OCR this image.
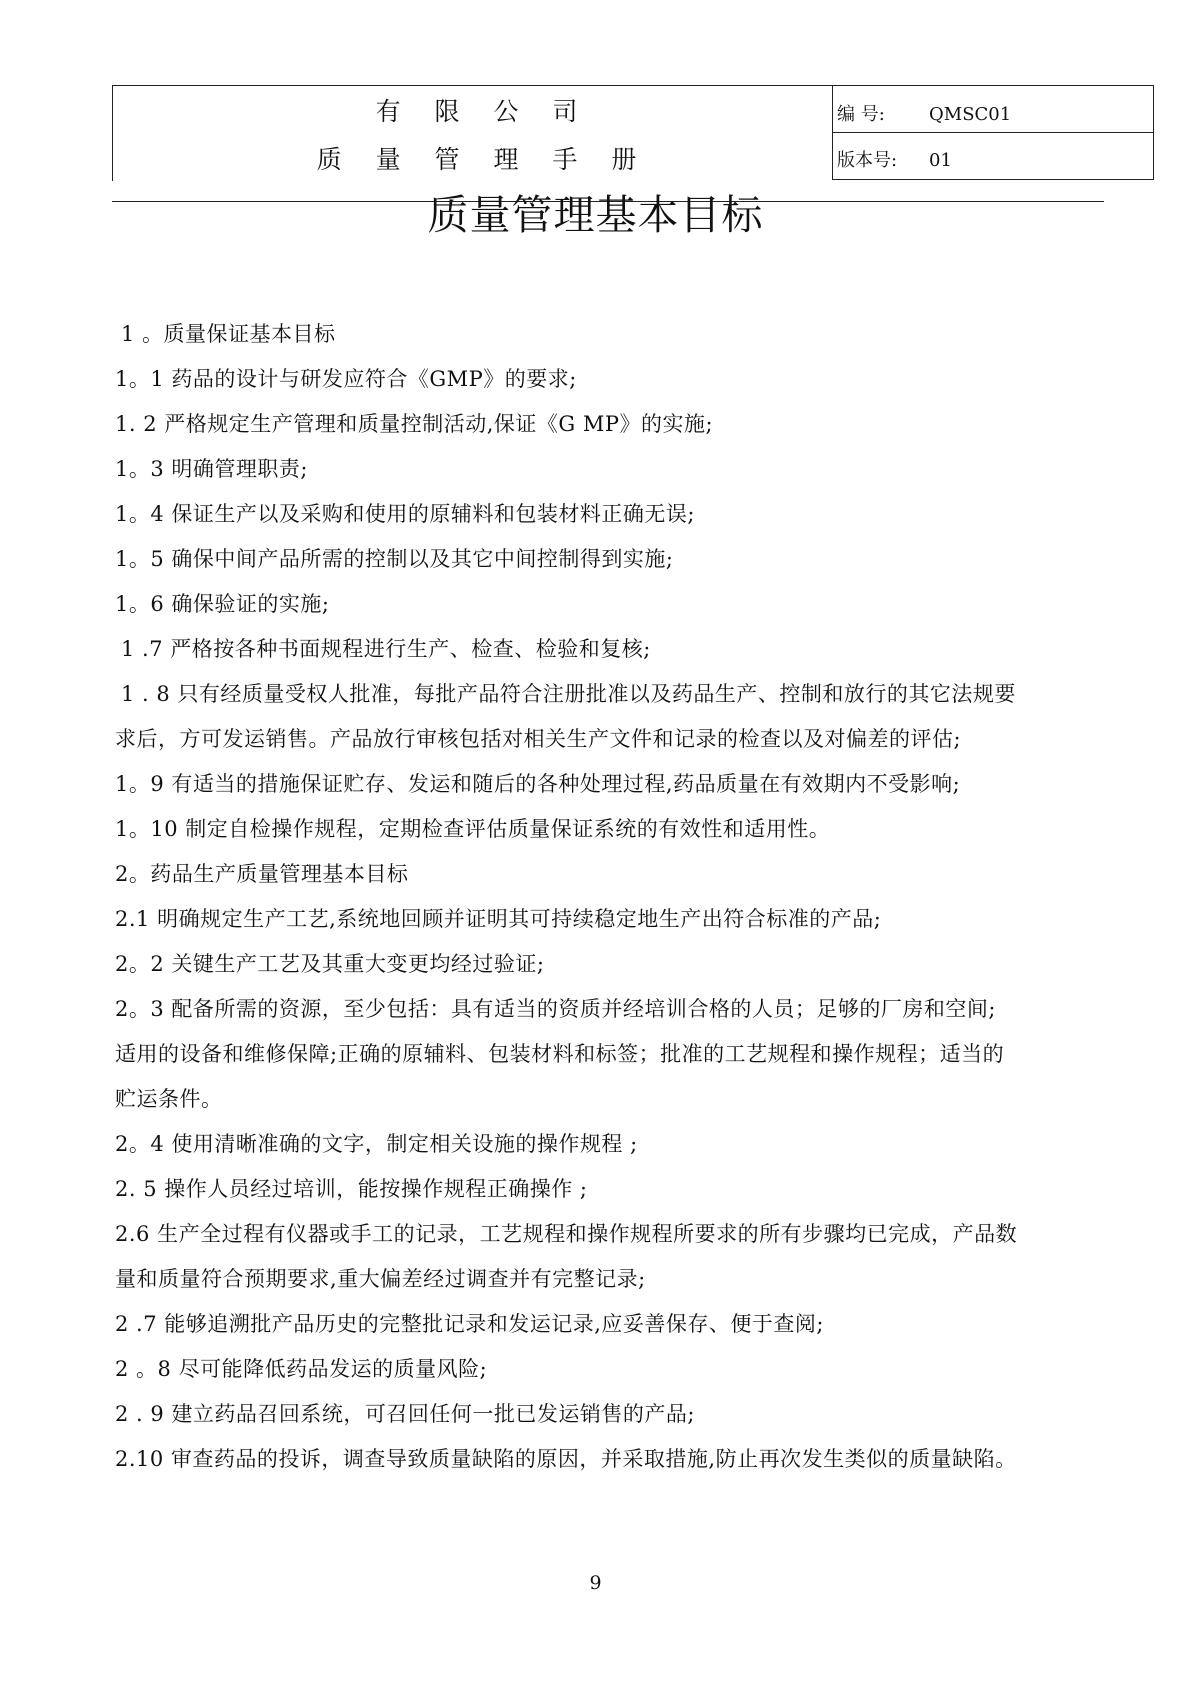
有 限 公 司
质 量 管 理 手 册
编 号: QMSC01
版本号: 01
质量管理基本目标
1 。质量保证基本目标
1。1 药品的设计与研发应符合《GMP》的要求;
1. 2 严格规定生产管理和质量控制活动,保证《G MP》的实施;
1。3 明确管理职责;
1。4 保证生产以及采购和使用的原辅料和包装材料正确无误;
1。5 确保中间产品所需的控制以及其它中间控制得到实施;
1。6 确保验证的实施;
1 .7 严格按各种书面规程进行生产、检查、检验和复核;
1 . 8 只有经质量受权人批准，每批产品符合注册批准以及药品生产、控制和放行的其它法规要
求后，方可发运销售。产品放行审核包括对相关生产文件和记录的检查以及对偏差的评估;
1。9 有适当的措施保证贮存、发运和随后的各种处理过程,药品质量在有效期内不受影响;
1。10 制定自检操作规程，定期检查评估质量保证系统的有效性和适用性。
2。药品生产质量管理基本目标
2.1 明确规定生产工艺,系统地回顾并证明其可持续稳定地生产出符合标准的产品;
2。2 关键生产工艺及其重大变更均经过验证;
2。3 配备所需的资源，至少包括：具有适当的资质并经培训合格的人员；足够的厂房和空间;
适用的设备和维修保障;正确的原辅料、包装材料和标签；批准的工艺规程和操作规程；适当的
贮运条件。
2。4 使用清晰准确的文字，制定相关设施的操作规程 ;
2. 5 操作人员经过培训，能按操作规程正确操作 ;
2.6 生产全过程有仪器或手工的记录，工艺规程和操作规程所要求的所有步骤均已完成，产品数
量和质量符合预期要求,重大偏差经过调查并有完整记录;
2 .7 能够追溯批产品历史的完整批记录和发运记录,应妥善保存、便于查阅;
2 。8 尽可能降低药品发运的质量风险;
2 . 9 建立药品召回系统，可召回任何一批已发运销售的产品;
2.10 审查药品的投诉，调查导致质量缺陷的原因，并采取措施,防止再次发生类似的质量缺陷。
9
